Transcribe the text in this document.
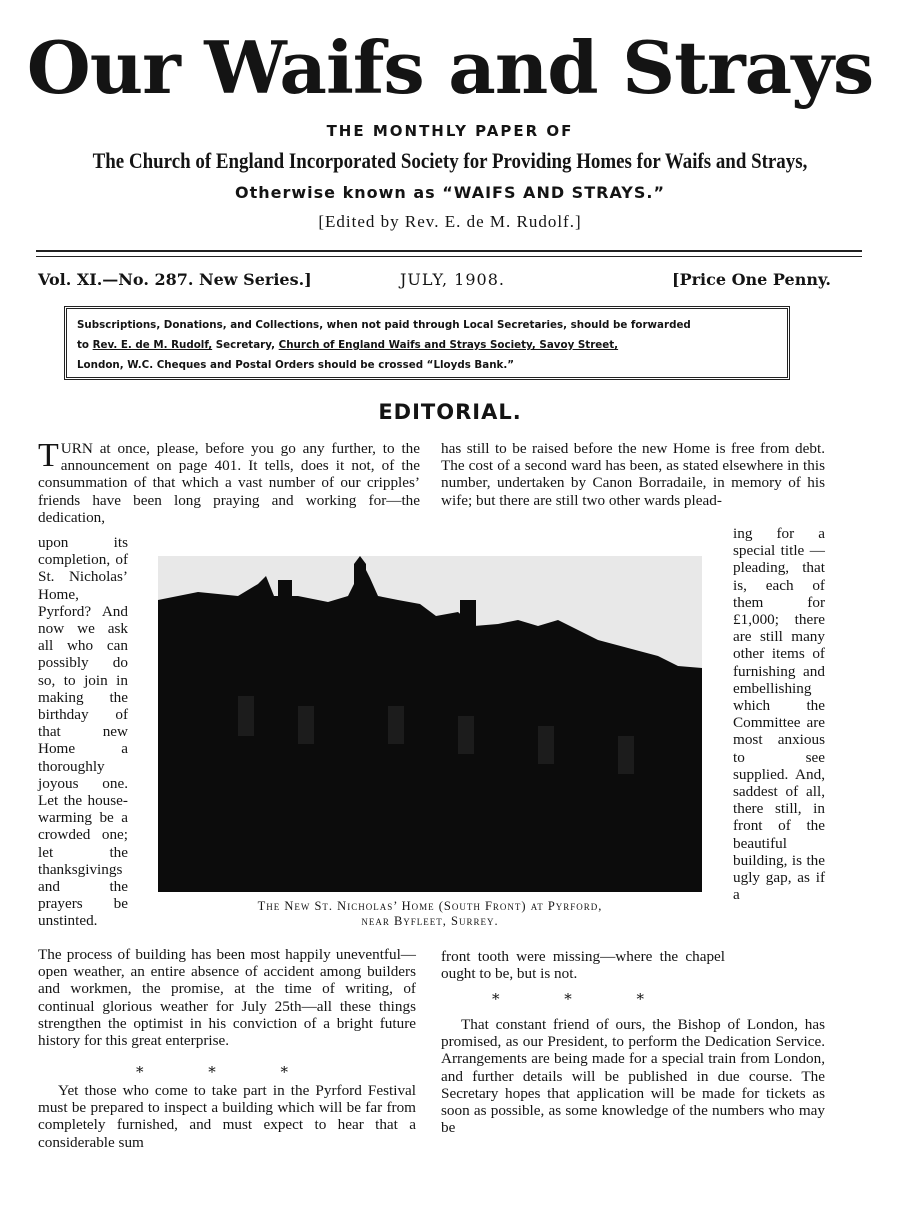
Our Waifs and Strays
THE MONTHLY PAPER OF
The Church of England Incorporated Society for Providing Homes for Waifs and Strays,
Otherwise known as “WAIFS AND STRAYS.”
[Edited by Rev. E. de M. Rudolf.]
Vol. XI.—No. 287. New Series.]	JULY, 1908.	[Price One Penny.
Subscriptions, Donations, and Collections, when not paid through Local Secretaries, should be forwarded
to Rev. E. de M. Rudolf, Secretary, Church of England Waifs and Strays Society, Savoy Street,
London, W.C. Cheques and Postal Orders should be crossed “Lloyds Bank.”
EDITORIAL.
TURN at once, please, before you go any further, to the announcement on page 401. It tells, does it not, of the consummation of that which a vast number of our cripples’ friends have been long praying and working for—the dedication,
upon its completion, of St. Nicholas’ Home, Pyrford? And now we ask all who can possibly do so, to join in making the birthday of that new Home a thoroughly joyous one. Let the house-warming be a crowded one; let the thanksgivings and the prayers be unstinted.
The process of building has been most happily uneventful—open weather, an entire absence of accident among builders and workmen, the promise, at the time of writing, of continual glorious weather for July 25th—all these things strengthen the optimist in his conviction of a bright future history for this great enterprise.
* * *
Yet those who come to take part in the Pyrford Festival must be prepared to inspect a building which will be far from completely furnished, and must expect to hear that a considerable sum
has still to be raised before the new Home is free from debt. The cost of a second ward has been, as stated elsewhere in this number, undertaken by Canon Borradaile, in memory of his wife; but there are still two other wards plead-
ing for a special title —pleading, that is, each of them for £1,000; there are still many other items of furnishing and embellishing which the Committee are most anxious to see supplied. And, saddest of all, there still, in front of the beautiful building, is the ugly gap, as if a
front tooth were missing—where the chapel ought to be, but is not.
* * *
That constant friend of ours, the Bishop of London, has promised, as our President, to perform the Dedication Service. Arrangements are being made for a special train from London, and further details will be published in due course. The Secretary hopes that application will be made for tickets as soon as possible, as some knowledge of the numbers who may be
The New St. Nicholas’ Home (South Front) at Pyrford,
near Byfleet, Surrey.
